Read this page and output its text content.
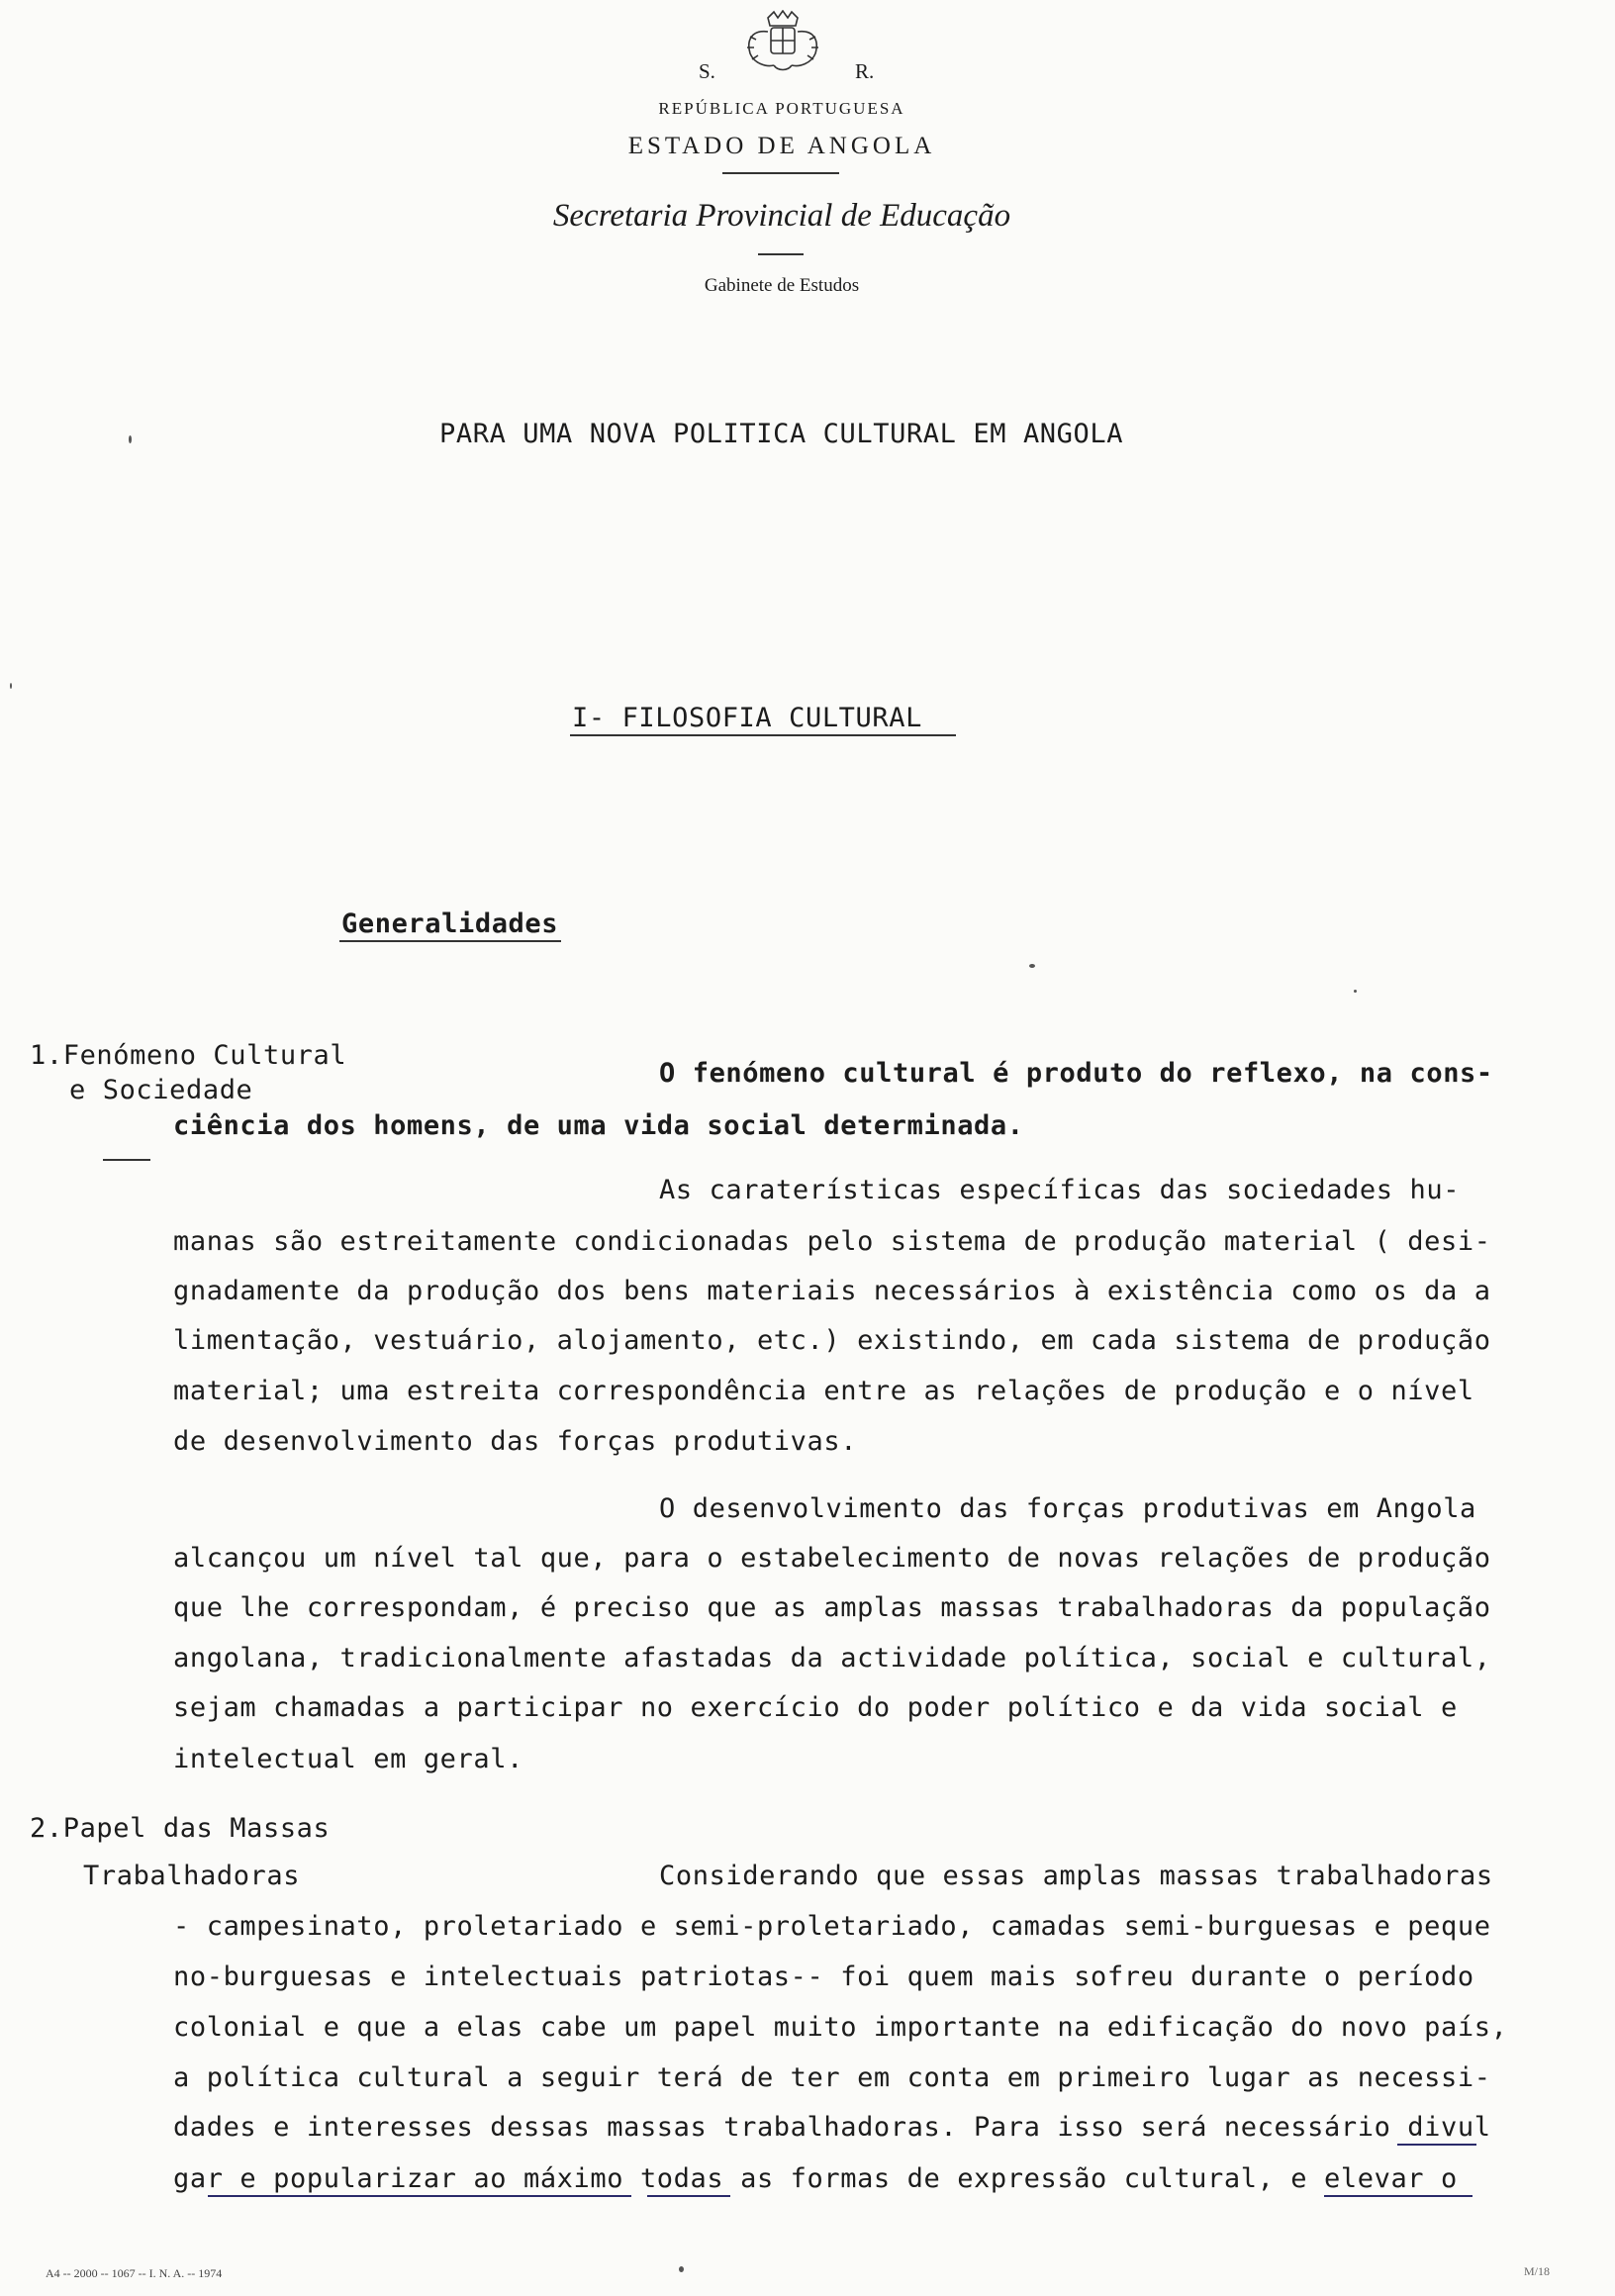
S.	R.
REPÚBLICA PORTUGUESA
ESTADO DE ANGOLA
Secretaria Provincial de Educação
Gabinete de Estudos
PARA UMA NOVA POLITICA CULTURAL EM ANGOLA
I- FILOSOFIA CULTURAL
Generalidades
1.Fenómeno Cultural
e Sociedade
2.Papel das Massas
Trabalhadoras
O fenómeno cultural é produto do reflexo, na cons-
ciência dos homens, de uma vida social determinada.
As caraterísticas específicas das sociedades hu-
manas são estreitamente condicionadas pelo sistema de produção material ( desi-
gnadamente da produção dos bens materiais necessários à existência como os da a
limentação, vestuário, alojamento, etc.) existindo, em cada sistema de produção
material; uma estreita correspondência entre as relações de produção e o nível
de desenvolvimento das forças produtivas.
O desenvolvimento das forças produtivas em Angola
alcançou um nível tal que, para o estabelecimento de novas relações de produção
que lhe correspondam, é preciso que as amplas massas trabalhadoras da população
angolana, tradicionalmente afastadas da actividade política, social e cultural,
sejam chamadas a participar no exercício do poder político e da vida social e
intelectual em geral.
Considerando que essas amplas massas trabalhadoras
- campesinato, proletariado e semi-proletariado, camadas semi-burguesas e peque
no-burguesas e intelectuais patriotas-- foi quem mais sofreu durante o período
colonial e que a elas cabe um papel muito importante na edificação do novo país,
a política cultural a seguir terá de ter em conta em primeiro lugar as necessi-
dades e interesses dessas massas trabalhadoras. Para isso será necessário divul
gar e popularizar ao máximo todas as formas de expressão cultural, e elevar o
A4 -- 2000 -- 1067 -- I. N. A. -- 1974	M/18
